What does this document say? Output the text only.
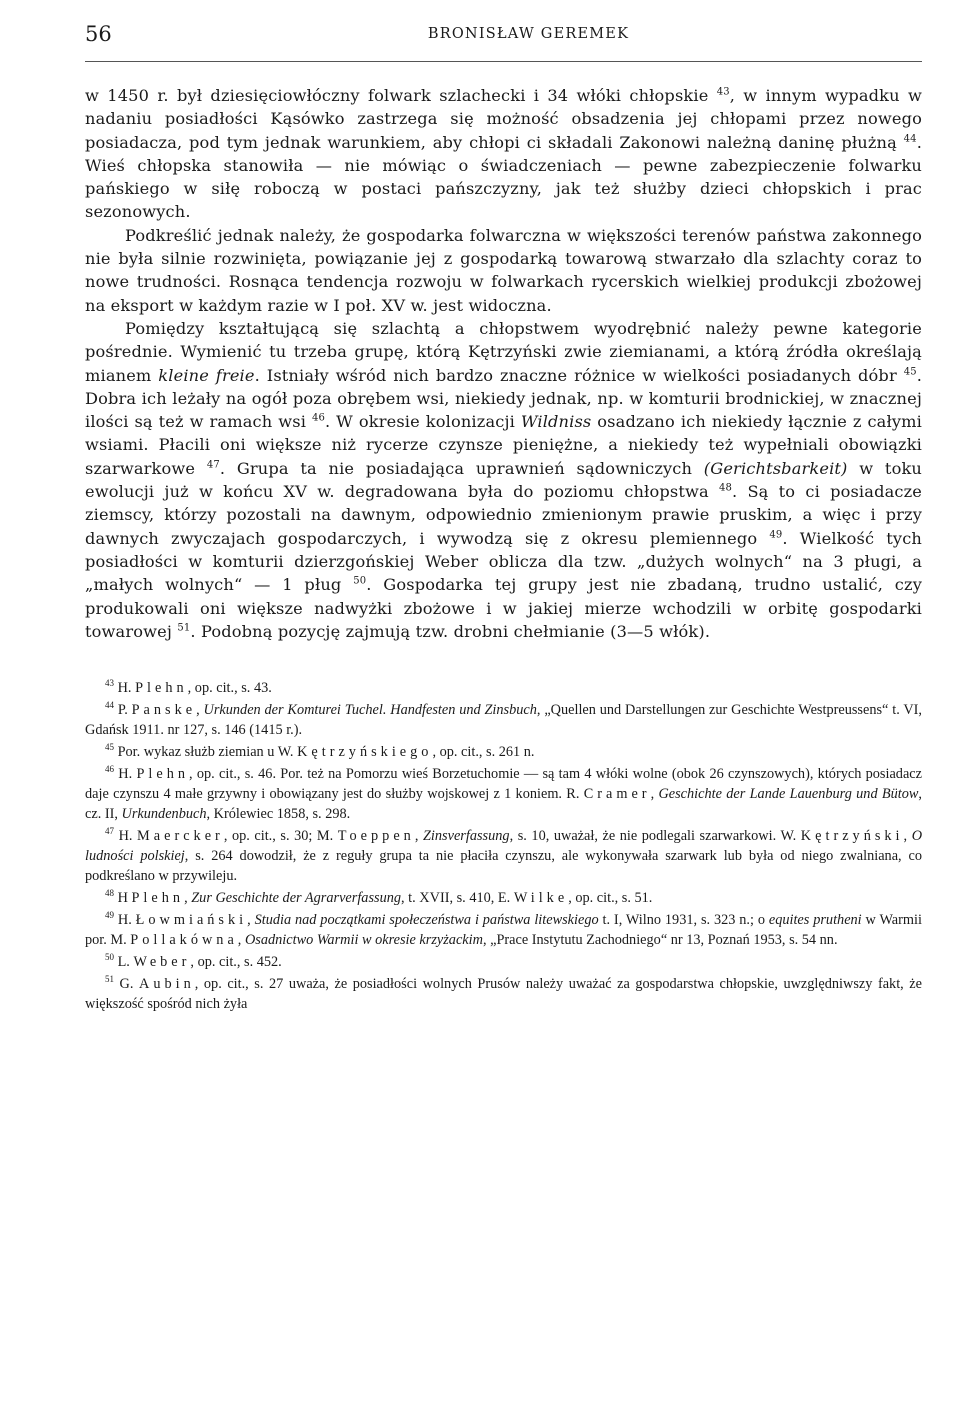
56	BRONISŁAW GEREMEK

w 1450 r. był dziesięciowłóczny folwark szlachecki i 34 włóki chłopskie $^{43}$, w innym wypadku w nadaniu posiadłości Kąsówko zastrzega się możność obsadzenia jej chłopami przez nowego posiadacza, pod tym jednak warunkiem, aby chłopi ci składali Zakonowi należną daninę płużną $^{44}$. Wieś chłopska stanowiła — nie mówiąc o świadczeniach — pewne zabezpieczenie folwarku pańskiego w siłę roboczą w postaci pańszczyzny, jak też służby dzieci chłopskich i prac sezonowych.

Podkreślić jednak należy, że gospodarka folwarczna w większości terenów państwa zakonnego nie była silnie rozwinięta, powiązanie jej z gospodarką towarową stwarzało dla szlachty coraz to nowe trudności. Rosnąca tendencja rozwoju w folwarkach rycerskich wielkiej produkcji zbożowej na eksport w każdym razie w I poł. XV w. jest widoczna.

Pomiędzy kształtującą się szlachtą a chłopstwem wyodrębnić należy pewne kategorie pośrednie. Wymienić tu trzeba grupę, którą Kętrzyński zwie ziemianami, a którą źródła określają mianem kleine freie. Istniały wśród nich bardzo znaczne różnice w wielkości posiadanych dóbr $^{45}$. Dobra ich leżały na ogół poza obrębem wsi, niekiedy jednak, np. w komturii brodnickiej, w znacznej ilości są też w ramach wsi $^{46}$. W okresie kolonizacji Wildniss osadzano ich niekiedy łącznie z całymi wsiami. Płacili oni większe niż rycerze czynsze pieniężne, a niekiedy też wypełniali obowiązki szarwarkowe $^{47}$. Grupa ta nie posiadająca uprawnień sądowniczych (Gerichtsbarkeit) w toku ewolucji już w końcu XV w. degradowana była do poziomu chłopstwa $^{48}$. Są to ci posiadacze ziemscy, którzy pozostali na dawnym, odpowiednio zmienionym prawie pruskim, a więc i przy dawnych zwyczajach gospodarczych, i wywodzą się z okresu plemiennego $^{49}$. Wielkość tych posiadłości w komturii dzierzgońskiej Weber oblicza dla tzw. „dużych wolnych“ na 3 pługi, a „małych wolnych“ — 1 pług $^{50}$. Gospodarka tej grupy jest nie zbadaną, trudno ustalić, czy produkowali oni większe nadwyżki zbożowe i w jakiej mierze wchodzili w orbitę gospodarki towarowej $^{51}$. Podobną pozycję zajmują tzw. drobni chełmianie (3—5 włók).

$^{43}$ H. Plehn, op. cit., s. 43.

$^{44}$ P. Panske, Urkunden der Komturei Tuchel. Handfesten und Zinsbuch, „Quellen und Darstellungen zur Geschichte Westpreussens“ t. VI, Gdańsk 1911. nr 127, s. 146 (1415 r.).

$^{45}$ Por. wykaz służb ziemian u W. Kętrzyńskiego, op. cit., s. 261 n.

$^{46}$ H. Plehn, op. cit., s. 46. Por. też na Pomorzu wieś Borzetuchomie — są tam 4 włóki wolne (obok 26 czynszowych), których posiadacz daje czynszu 4 małe grzywny i obowiązany jest do służby wojskowej z 1 koniem. R. Cramer, Geschichte der Lande Lauenburg und Bütow, cz. II, Urkundenbuch, Królewiec 1858, s. 298.

$^{47}$ H. Maercker, op. cit., s. 30; M. Toeppen, Zinsverfassung, s. 10, uważał, że nie podlegali szarwarkowi. W. Kętrzyński, O ludności polskiej, s. 264 dowodził, że z reguły grupa ta nie płaciła czynszu, ale wykonywała szarwark lub była od niego zwalniana, co podkreślano w przywileju.

$^{48}$ H Plehn, Zur Geschichte der Agrarverfassung, t. XVII, s. 410, E. Wilke, op. cit., s. 51.

$^{49}$ H. Łowmiański, Studia nad początkami społeczeństwa i państwa litewskiego t. I, Wilno 1931, s. 323 n.; o equites prutheni w Warmii por. M. Pollakówna, Osadnictwo Warmii w okresie krzyżackim, „Prace Instytutu Zachodniego“ nr 13, Poznań 1953, s. 54 nn.

$^{50}$ L. Weber, op. cit., s. 452.

$^{51}$ G. Aubin, op. cit., s. 27 uważa, że posiadłości wolnych Prusów należy uważać za gospodarstwa chłopskie, uwzględniwszy fakt, że większość spośród nich żyła
